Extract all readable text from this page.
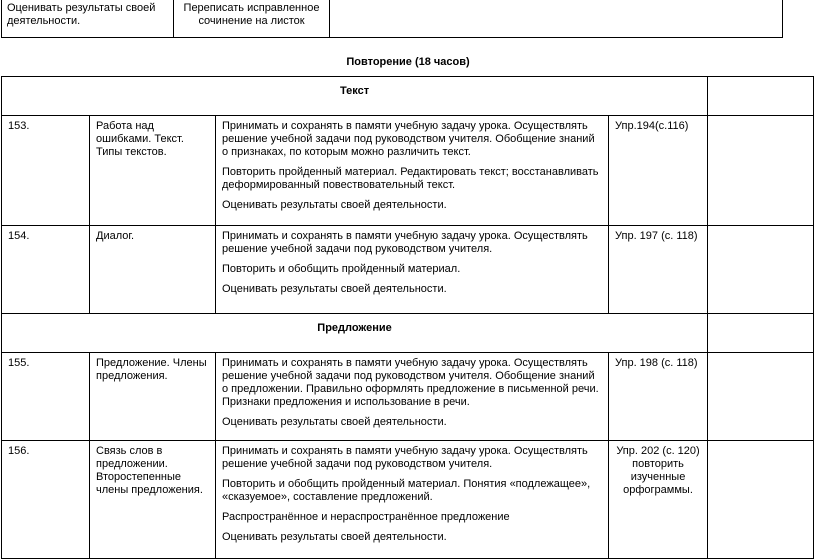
Оценивать результаты своей деятельности.	Переписать исправленное сочинение на листок	
Повторение (18 часов)
Текст				
153.	Работа над ошибками. Текст. Типы текстов.	Принимать и сохранять в памяти учебную задачу урока. Осуществлять решение учебной задачи под руководством учителя. Обобщение знаний о признаках, по которым можно различить текст.

Повторить пройденный материал. Редактировать текст; восстанавливать деформированный повествовательный текст.

Оценивать результаты своей деятельности.	Упр.194(с.116)	
154.	Диалог.	Принимать и сохранять в памяти учебную задачу урока. Осуществлять решение учебной задачи под руководством учителя.

Повторить и обобщить пройденный материал.

Оценивать результаты своей деятельности.	Упр. 197 (с. 118)	
Предложение				
155.	Предложение. Члены предложения.	Принимать и сохранять в памяти учебную задачу урока. Осуществлять решение учебной задачи под руководством учителя. Обобщение знаний о предложении. Правильно оформлять предложение в письменной речи. Признаки предложения и использование в речи.

Оценивать результаты своей деятельности.	Упр. 198 (с. 118)	
156.	Связь слов в предложении. Второстепенные члены предложения.	Принимать и сохранять в памяти учебную задачу урока. Осуществлять решение учебной задачи под руководством учителя.

Повторить и обобщить пройденный материал. Понятия «подлежащее», «сказуемое», составление предложений.

Распространённое и нераспространённое предложение

Оценивать результаты своей деятельности.	Упр. 202 (с. 120) повторить изученные орфограммы.	
